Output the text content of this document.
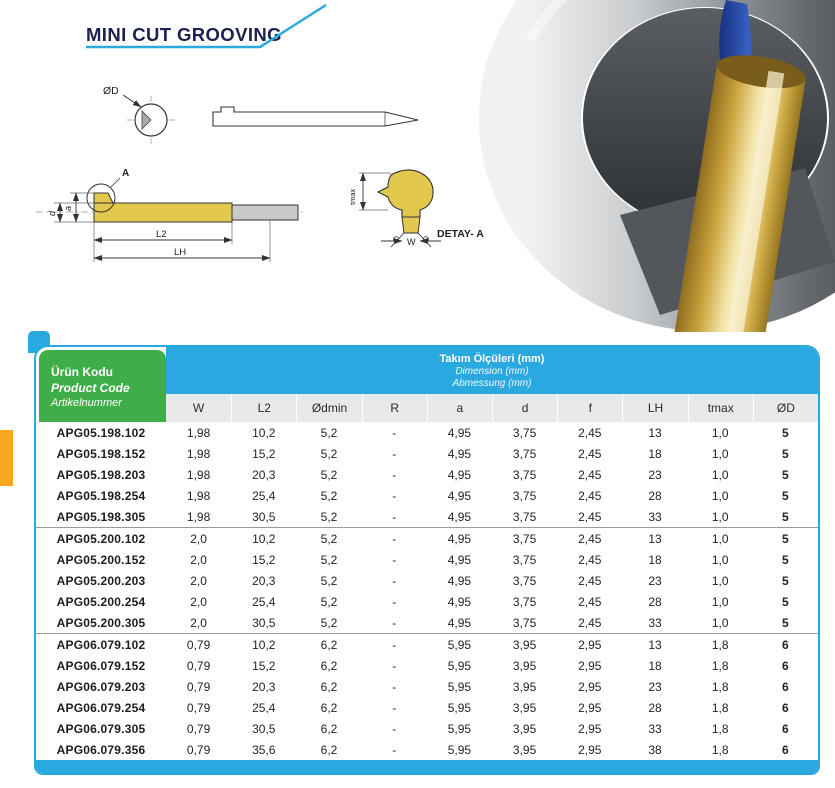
MINI CUT GROOVING
ØD
A
a
d
L2
LH
W
tmax
DETAY- A
Ürün Kodu
Product Code
Artikelnummer
Takım Ölçüleri (mm)
Dimension (mm)
Abmessung (mm)
W	L2	Ødmin	R	a	d	f	LH	tmax	ØD
APG05.198.102	1,98	10,2	5,2	-	4,95	3,75	2,45	13	1,0	5
APG05.198.152	1,98	15,2	5,2	-	4,95	3,75	2,45	18	1,0	5
APG05.198.203	1,98	20,3	5,2	-	4,95	3,75	2,45	23	1,0	5
APG05.198.254	1,98	25,4	5,2	-	4,95	3,75	2,45	28	1,0	5
APG05.198.305	1,98	30,5	5,2	-	4,95	3,75	2,45	33	1,0	5
APG05.200.102	2,0	10,2	5,2	-	4,95	3,75	2,45	13	1,0	5
APG05.200.152	2,0	15,2	5,2	-	4,95	3,75	2,45	18	1,0	5
APG05.200.203	2,0	20,3	5,2	-	4,95	3,75	2,45	23	1,0	5
APG05.200.254	2,0	25,4	5,2	-	4,95	3,75	2,45	28	1,0	5
APG05.200.305	2,0	30,5	5,2	-	4,95	3,75	2,45	33	1,0	5
APG06.079.102	0,79	10,2	6,2	-	5,95	3,95	2,95	13	1,8	6
APG06.079.152	0,79	15,2	6,2	-	5,95	3,95	2,95	18	1,8	6
APG06.079.203	0,79	20,3	6,2	-	5,95	3,95	2,95	23	1,8	6
APG06.079.254	0,79	25,4	6,2	-	5,95	3,95	2,95	28	1,8	6
APG06.079.305	0,79	30,5	6,2	-	5,95	3,95	2,95	33	1,8	6
APG06.079.356	0,79	35,6	6,2	-	5,95	3,95	2,95	38	1,8	6
